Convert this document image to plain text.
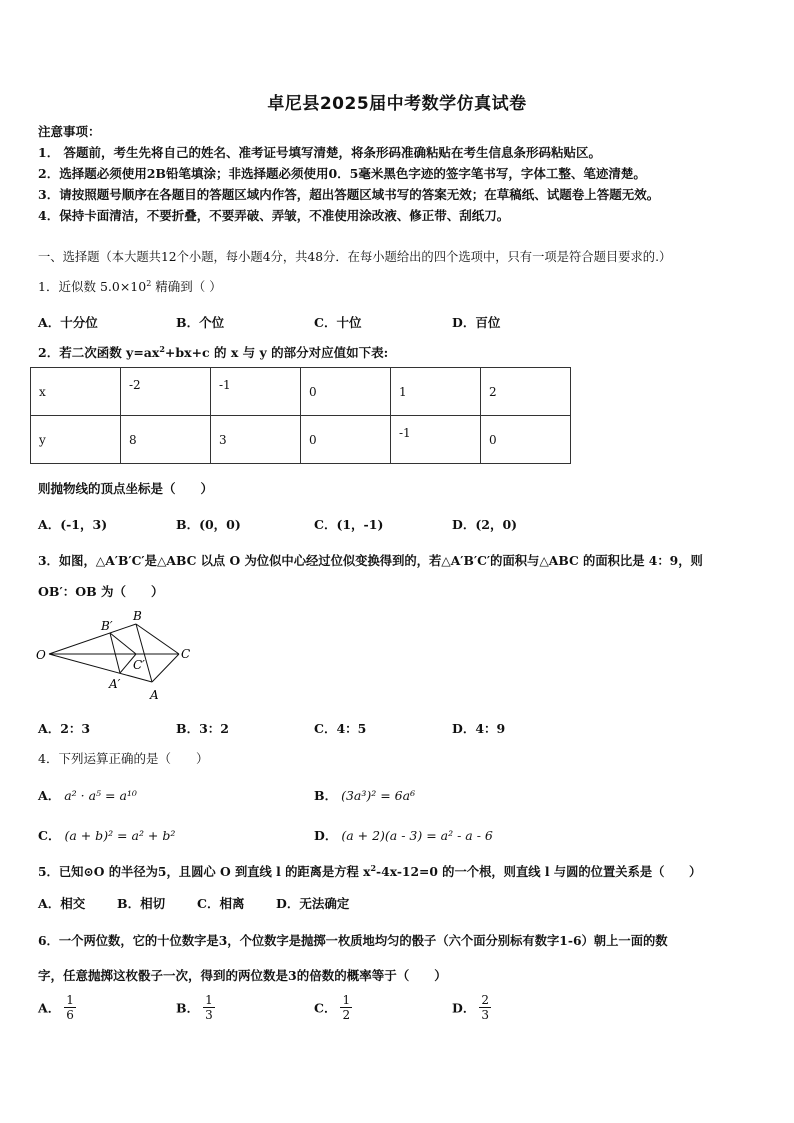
卓尼县2025届中考数学仿真试卷
注意事项：
1． 答题前，考生先将自己的姓名、准考证号填写清楚，将条形码准确粘贴在考生信息条形码粘贴区。
2．选择题必须使用2B铅笔填涂；非选择题必须使用0．5毫米黑色字迹的签字笔书写，字体工整、笔迹清楚。
3．请按照题号顺序在各题目的答题区域内作答，超出答题区域书写的答案无效；在草稿纸、试题卷上答题无效。
4．保持卡面清洁，不要折叠，不要弄破、弄皱，不准使用涂改液、修正带、刮纸刀。
一、选择题（本大题共12个小题，每小题4分，共48分．在每小题给出的四个选项中，只有一项是符合题目要求的.）
1．近似数 $5.0\times 10^2$ 精确到（ ）
A．十分位	B．个位	C．十位	D．百位
2．若二次函数 $y=ax^2+bx+c$ 的 x 与 y 的部分对应值如下表:
x	-2	-1	0	1	2
y	8	3	0	-1	0
则抛物线的顶点坐标是（　　）
A．(-1，3)	B．(0，0)	C．(1，-1)	D．(2，0)
3．如图，△A′B′C′是△ABC 以点 O 为位似中心经过位似变换得到的，若△A′B′C′的面积与△ABC 的面积比是 4：9，则
OB′：OB 为（　　）
O
B
B′
C
C′
A′
A
A．2：3	B．3：2	C．4：5	D．4：9
4．下列运算正确的是（　　）
A． a² · a⁵ = a¹⁰	B． (3a³)² = 6a⁶
C． (a + b)² = a² + b²	D． (a + 2)(a - 3) = a² - a - 6
5．已知⊙O 的半径为5，且圆心 O 到直线 l 的距离是方程 $x^2-4x-12=0$ 的一个根，则直线 l 与圆的位置关系是（　　）
A．相交	B．相切	C．相离	D．无法确定
6．一个两位数，它的十位数字是3，个位数字是抛掷一枚质地均匀的骰子（六个面分别标有数字1-6）朝上一面的数
字，任意抛掷这枚骰子一次，得到的两位数是3的倍数的概率等于（　　）
A． $\frac{1}{6}$	B． $\frac{1}{3}$	C． $\frac{1}{2}$	D． $\frac{2}{3}$
